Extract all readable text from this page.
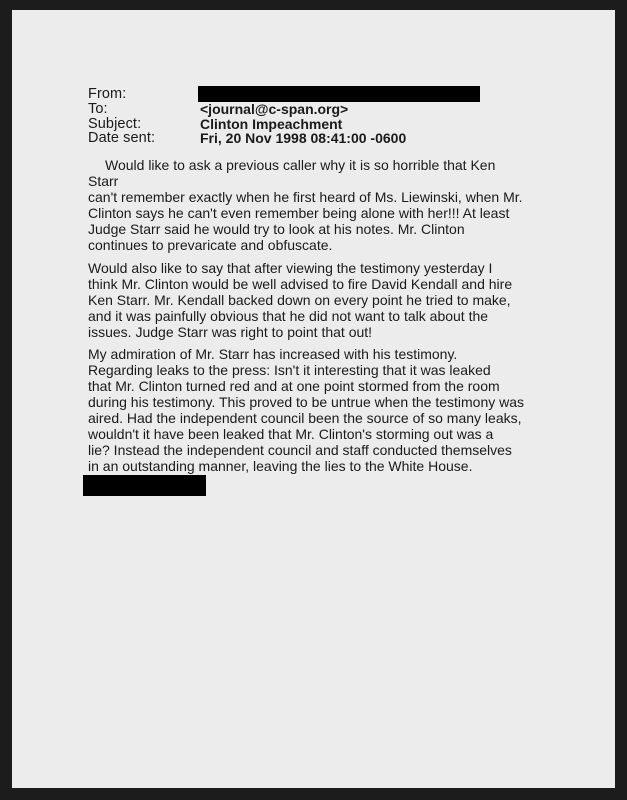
From:
To:	<journal@c-span.org>
Subject:	Clinton Impeachment
Date sent:	Fri, 20 Nov 1998 08:41:00 -0600

Would like to ask a previous caller why it is so horrible that Ken
Starr

can't remember exactly when he first heard of Ms. Liewinski, when Mr.
Clinton says he can't even remember being alone with her!!! At least
Judge Starr said he would try to look at his notes. Mr. Clinton
continues to prevaricate and obfuscate.

Would also like to say that after viewing the testimony yesterday I
think Mr. Clinton would be well advised to fire David Kendall and hire
Ken Starr. Mr. Kendall backed down on every point he tried to make,
and it was painfully obvious that he did not want to talk about the
issues. Judge Starr was right to point that out!

My admiration of Mr. Starr has increased with his testimony.
Regarding leaks to the press: Isn't it interesting that it was leaked
that Mr. Clinton turned red and at one point stormed from the room
during his testimony. This proved to be untrue when the testimony was
aired. Had the independent council been the source of so many leaks,
wouldn't it have been leaked that Mr. Clinton's storming out was a
lie? Instead the independent council and staff conducted themselves
in an outstanding manner, leaving the lies to the White House.
